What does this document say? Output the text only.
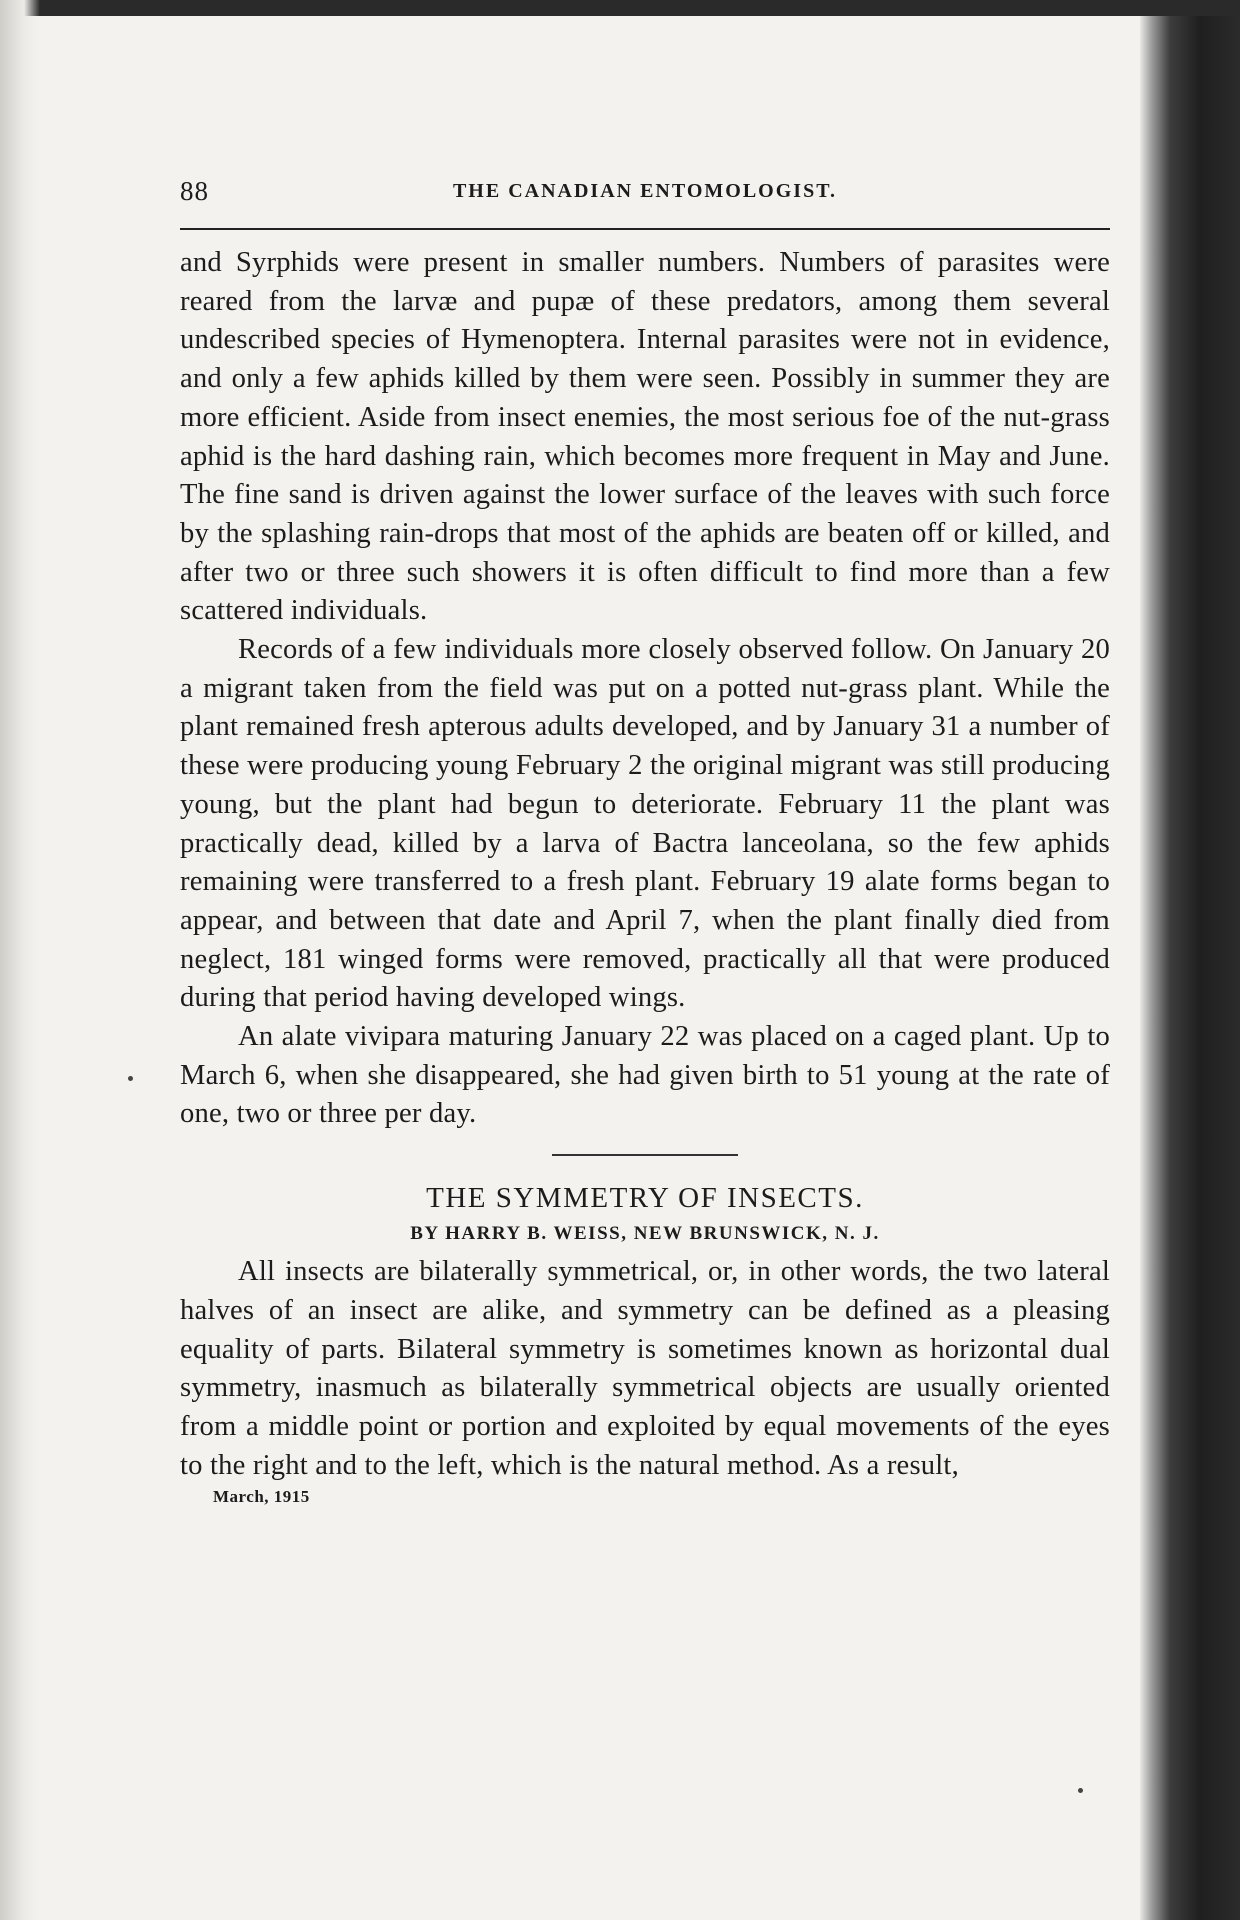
88	THE CANADIAN ENTOMOLOGIST.

and Syrphids were present in smaller numbers. Numbers of parasites were reared from the larvæ and pupæ of these predators, among them several undescribed species of Hymenoptera. Internal parasites were not in evidence, and only a few aphids killed by them were seen. Possibly in summer they are more efficient. Aside from insect enemies, the most serious foe of the nut-grass aphid is the hard dashing rain, which becomes more frequent in May and June. The fine sand is driven against the lower surface of the leaves with such force by the splashing rain-drops that most of the aphids are beaten off or killed, and after two or three such showers it is often difficult to find more than a few scattered individuals.

Records of a few individuals more closely observed follow. On January 20 a migrant taken from the field was put on a potted nut-grass plant. While the plant remained fresh apterous adults developed, and by January 31 a number of these were producing young February 2 the original migrant was still producing young, but the plant had begun to deteriorate. February 11 the plant was practically dead, killed by a larva of Bactra lanceolana, so the few aphids remaining were transferred to a fresh plant. February 19 alate forms began to appear, and between that date and April 7, when the plant finally died from neglect, 181 winged forms were removed, practically all that were produced during that period having developed wings.

An alate vivipara maturing January 22 was placed on a caged plant. Up to March 6, when she disappeared, she had given birth to 51 young at the rate of one, two or three per day.

THE SYMMETRY OF INSECTS.
BY HARRY B. WEISS, NEW BRUNSWICK, N. J.

All insects are bilaterally symmetrical, or, in other words, the two lateral halves of an insect are alike, and symmetry can be defined as a pleasing equality of parts. Bilateral symmetry is sometimes known as horizontal dual symmetry, inasmuch as bilaterally symmetrical objects are usually oriented from a middle point or portion and exploited by equal movements of the eyes to the right and to the left, which is the natural method. As a result,

March, 1915
